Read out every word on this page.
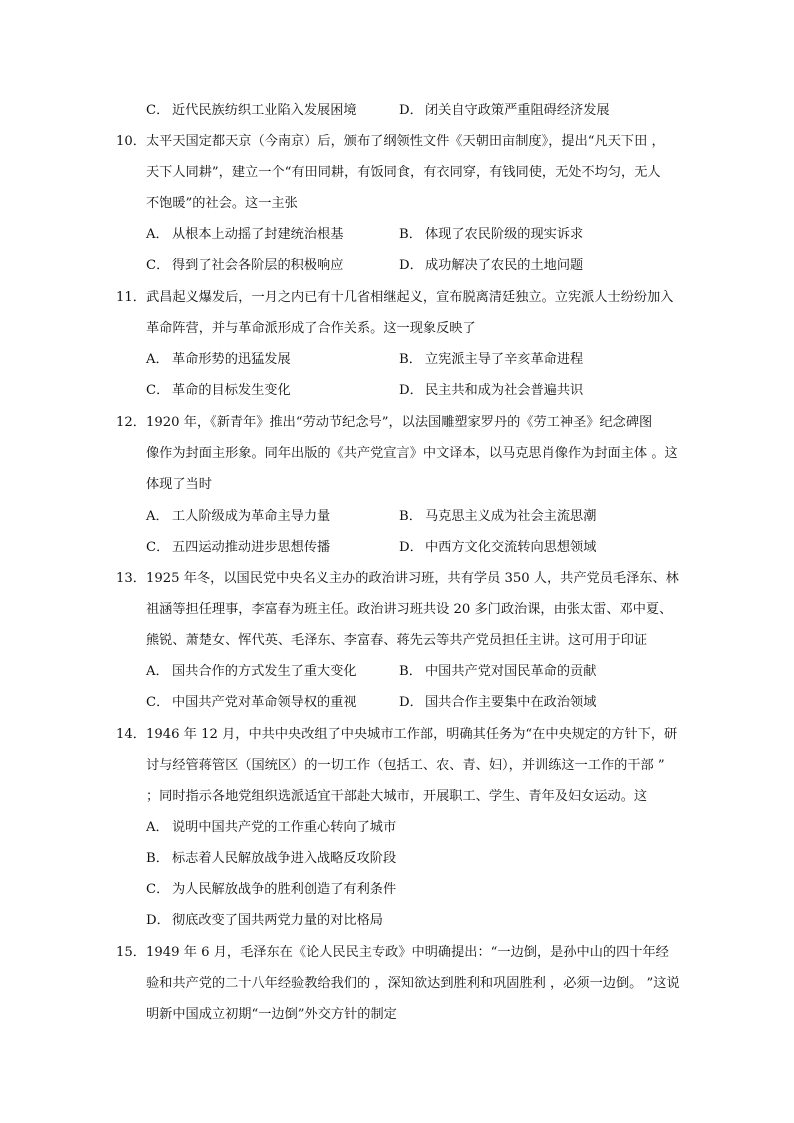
C． 近代民族纺织工业陷入发展困境	D． 闭关自守政策严重阻碍经济发展
10． 太平天国定都天京（今南京）后，颁布了纲领性文件《天朝田亩制度》，提出“凡天下田 ，
天下人同耕”，建立一个“有田同耕，有饭同食，有衣同穿，有钱同使，无处不均匀，无人
不饱暖”的社会。这一主张
A． 从根本上动摇了封建统治根基	B． 体现了农民阶级的现实诉求
C． 得到了社会各阶层的积极响应	D． 成功解决了农民的土地问题
11． 武昌起义爆发后，一月之内已有十几省相继起义，宣布脱离清廷独立。立宪派人士纷纷加入
革命阵营，并与革命派形成了合作关系。这一现象反映了
A． 革命形势的迅猛发展	B． 立宪派主导了辛亥革命进程
C． 革命的目标发生变化	D． 民主共和成为社会普遍共识
12． 1920 年，《新青年》推出“劳动节纪念号”，以法国雕塑家罗丹的《劳工神圣》纪念碑图
像作为封面主形象。同年出版的《共产党宣言》中文译本，以马克思肖像作为封面主体 。这
体现了当时
A． 工人阶级成为革命主导力量	B． 马克思主义成为社会主流思潮
C． 五四运动推动进步思想传播	D． 中西方文化交流转向思想领域
13． 1925 年冬，以国民党中央名义主办的政治讲习班，共有学员 350 人，共产党员毛泽东、林
祖涵等担任理事，李富春为班主任。政治讲习班共设 20 多门政治课，由张太雷、邓中夏、
熊锐、萧楚女、恽代英、毛泽东、李富春、蒋先云等共产党员担任主讲。这可用于印证
A． 国共合作的方式发生了重大变化	B． 中国共产党对国民革命的贡献
C． 中国共产党对革命领导权的重视	D． 国共合作主要集中在政治领域
14． 1946 年 12 月，中共中央改组了中央城市工作部，明确其任务为“在中央规定的方针下，研
讨与经管蒋管区（国统区）的一切工作（包括工、农、青、妇），并训练这一工作的干部 ”
；同时指示各地党组织选派适宜干部赴大城市，开展职工、学生、青年及妇女运动。这
A． 说明中国共产党的工作重心转向了城市
B． 标志着人民解放战争进入战略反攻阶段
C． 为人民解放战争的胜利创造了有利条件
D． 彻底改变了国共两党力量的对比格局
15． 1949 年 6 月，毛泽东在《论人民民主专政》中明确提出：“一边倒，是孙中山的四十年经
验和共产党的二十八年经验教给我们的 ，深知欲达到胜利和巩固胜利 ，必须一边倒。 ”这说
明新中国成立初期“一边倒”外交方针的制定
